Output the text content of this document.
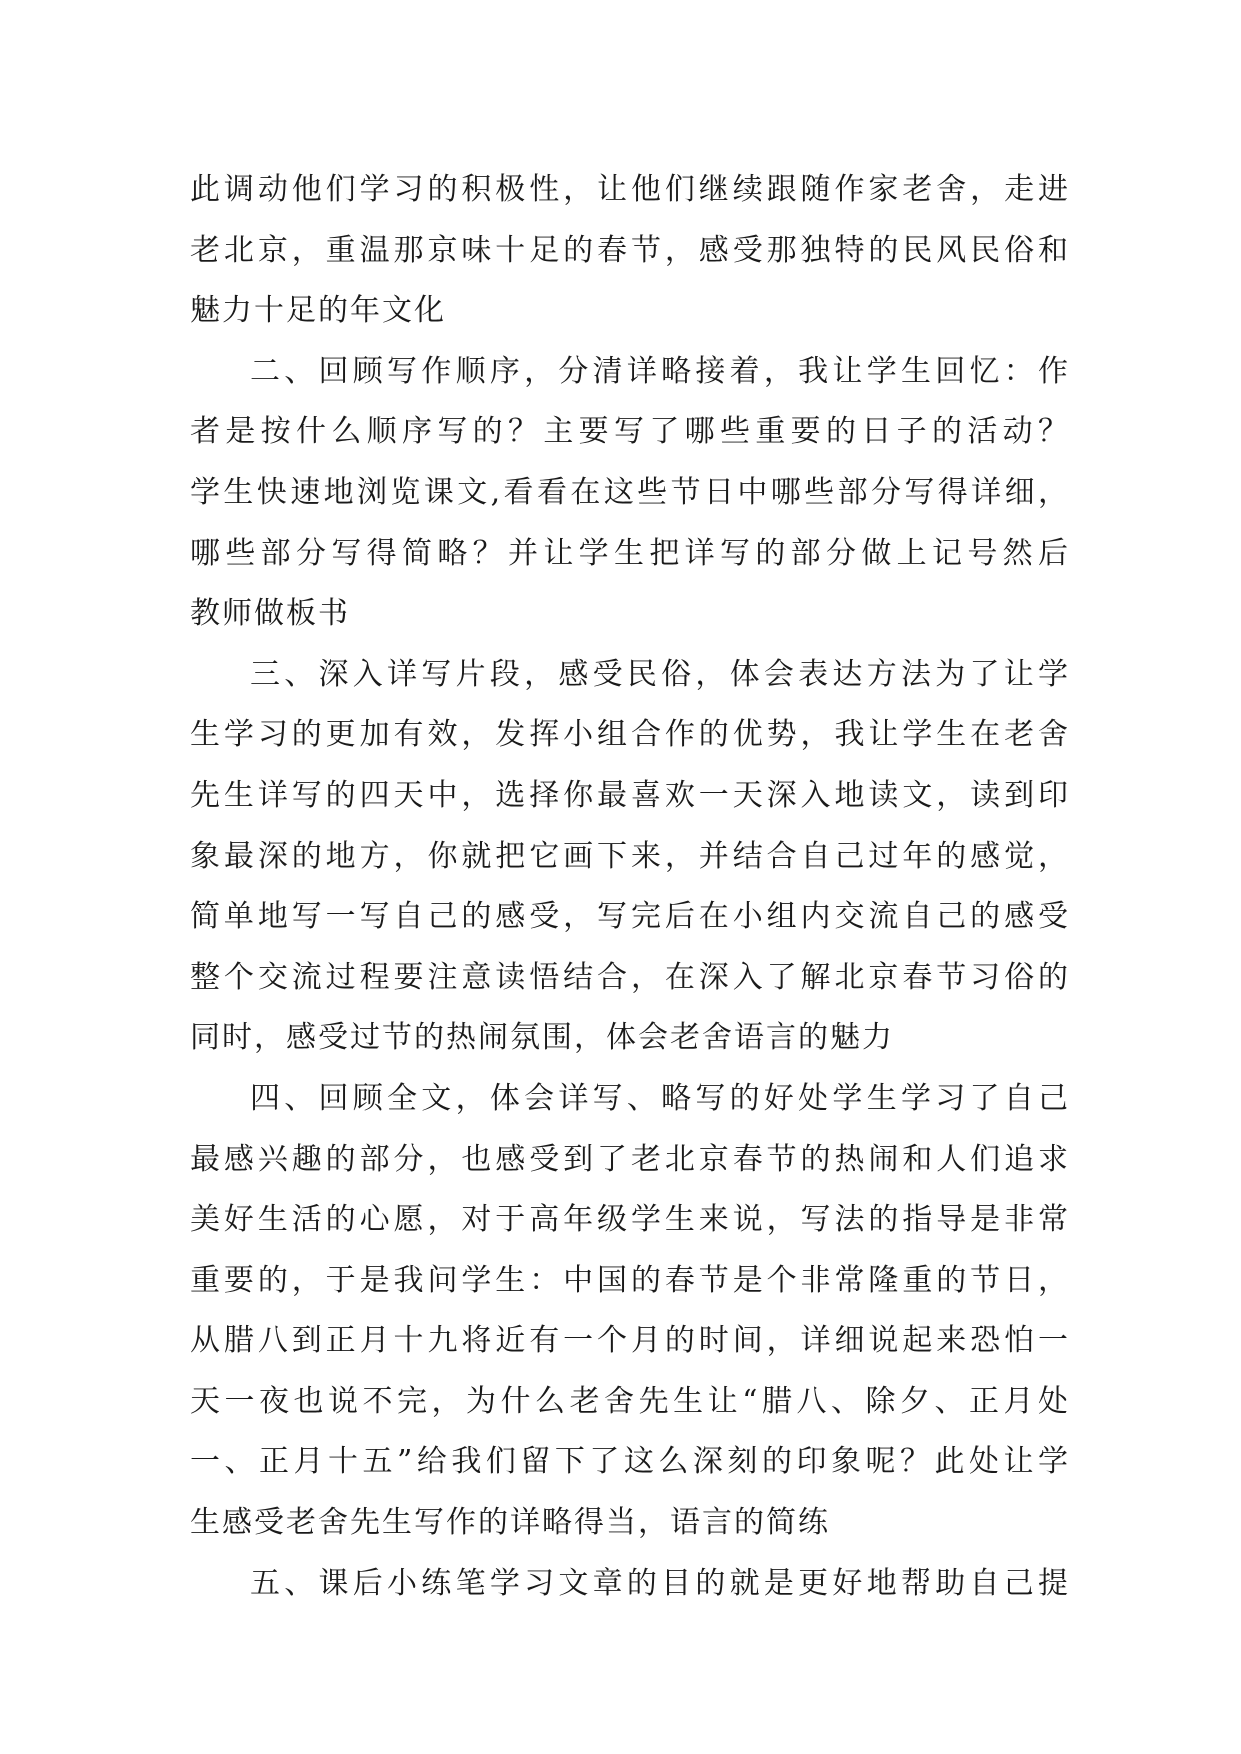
此调动他们学习的积极性，让他们继续跟随作家老舍，走进
老北京，重温那京味十足的春节，感受那独特的民风民俗和
魅力十足的年文化
二、回顾写作顺序，分清详略接着，我让学生回忆：作
者是按什么顺序写的？主要写了哪些重要的日子的活动？
学生快速地浏览课文,看看在这些节日中哪些部分写得详细，
哪些部分写得简略？并让学生把详写的部分做上记号然后
教师做板书
三、深入详写片段，感受民俗，体会表达方法为了让学
生学习的更加有效，发挥小组合作的优势，我让学生在老舍
先生详写的四天中，选择你最喜欢一天深入地读文，读到印
象最深的地方，你就把它画下来，并结合自己过年的感觉，
简单地写一写自己的感受，写完后在小组内交流自己的感受
整个交流过程要注意读悟结合，在深入了解北京春节习俗的
同时，感受过节的热闹氛围，体会老舍语言的魅力
四、回顾全文，体会详写、略写的好处学生学习了自己
最感兴趣的部分，也感受到了老北京春节的热闹和人们追求
美好生活的心愿，对于高年级学生来说，写法的指导是非常
重要的，于是我问学生：中国的春节是个非常隆重的节日，
从腊八到正月十九将近有一个月的时间，详细说起来恐怕一
天一夜也说不完，为什么老舍先生让“腊八、除夕、正月处
一、正月十五”给我们留下了这么深刻的印象呢？此处让学
生感受老舍先生写作的详略得当，语言的简练
五、课后小练笔学习文章的目的就是更好地帮助自己提
